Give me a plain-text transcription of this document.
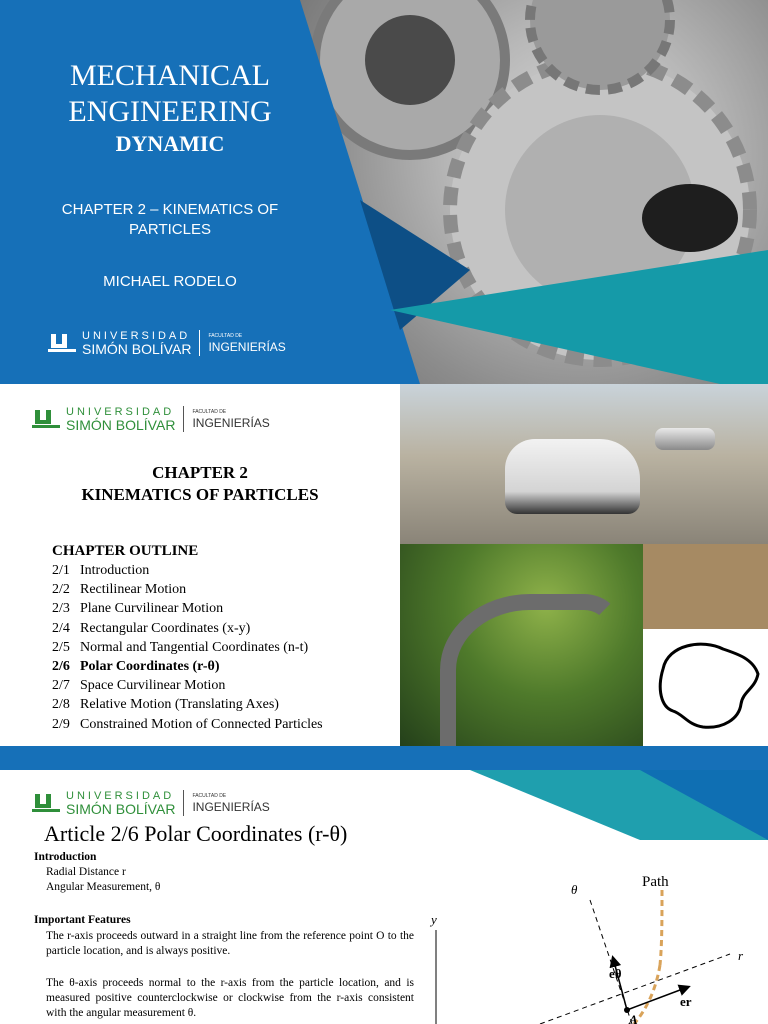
MECHANICAL
ENGINEERING
DYNAMIC
CHAPTER 2 – KINEMATICS OF PARTICLES
MICHAEL RODELO
UNIVERSIDAD
SIMÓN BOLÍVAR
FACULTAD DE
INGENIERÍAS
UNIVERSIDAD
SIMÓN BOLÍVAR
FACULTAD DE
INGENIERÍAS
CHAPTER 2
KINEMATICS OF PARTICLES
CHAPTER OUTLINE
2/1 Introduction
2/2 Rectilinear Motion
2/3 Plane Curvilinear Motion
2/4 Rectangular Coordinates (x-y)
2/5 Normal and Tangential Coordinates (n-t)
2/6 Polar Coordinates (r-θ)
2/7 Space Curvilinear Motion
2/8 Relative Motion (Translating Axes)
2/9 Constrained Motion of Connected Particles
UNIVERSIDAD
SIMÓN BOLÍVAR
FACULTAD DE
INGENIERÍAS
Article 2/6 Polar Coordinates (r-θ)
Introduction
Radial Distance r
Angular Measurement, θ
Important Features
The r-axis proceeds outward in a straight line from the reference point O to the particle location, and is always positive.
The θ-axis proceeds normal to the r-axis from the particle location, and is measured positive counterclockwise or clockwise from the r-axis consistent with the angular measurement θ.
y
Path
θ
r
eθ
er
A
